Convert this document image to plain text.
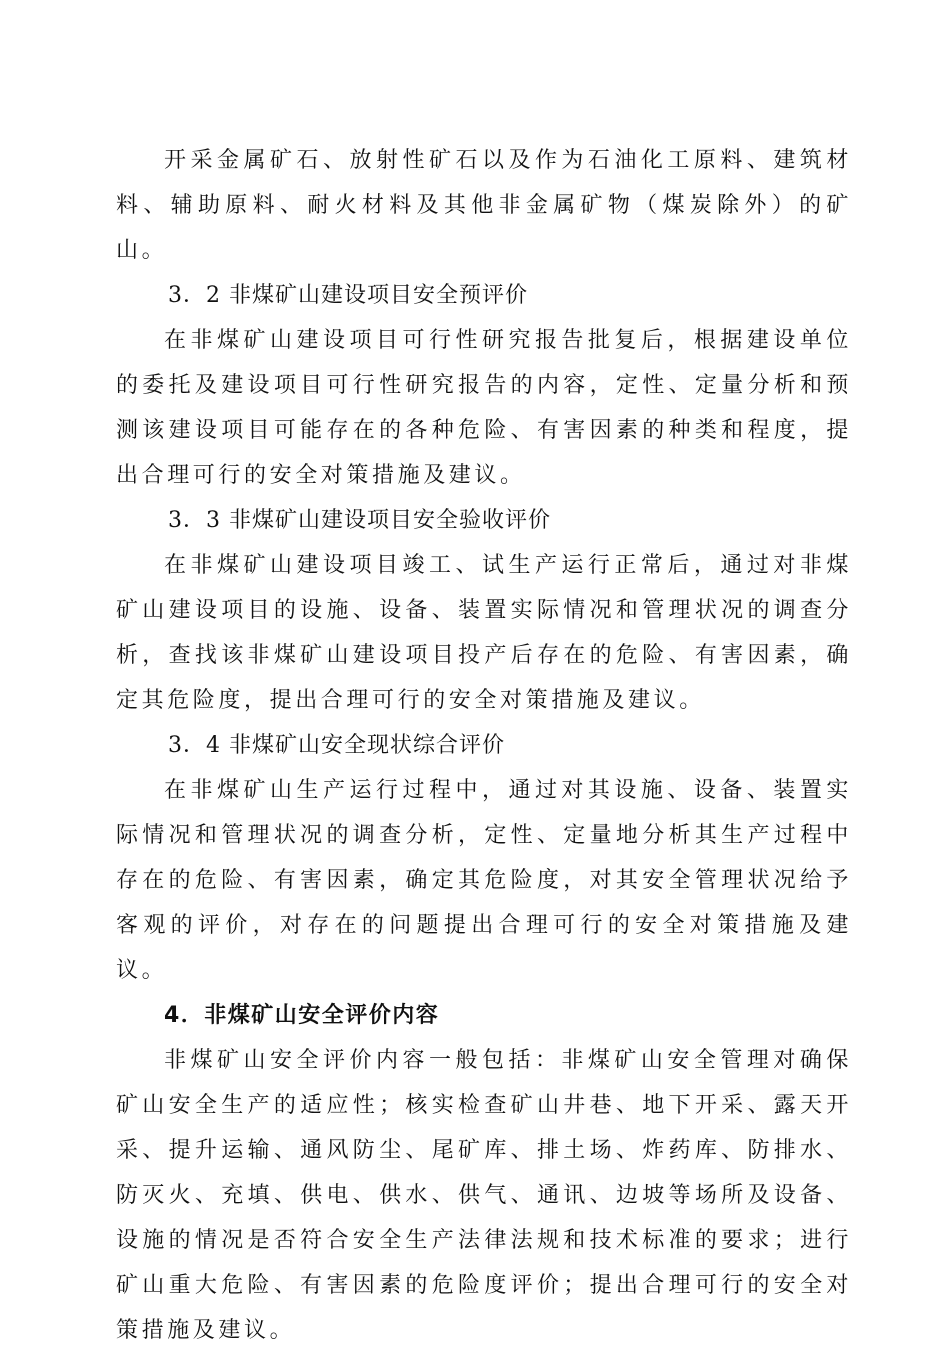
开采金属矿石、放射性矿石以及作为石油化工原料、建筑材料、辅助原料、耐火材料及其他非金属矿物（煤炭除外）的矿山。

3．2 非煤矿山建设项目安全预评价

在非煤矿山建设项目可行性研究报告批复后，根据建设单位的委托及建设项目可行性研究报告的内容，定性、定量分析和预测该建设项目可能存在的各种危险、有害因素的种类和程度，提出合理可行的安全对策措施及建议。

3．3 非煤矿山建设项目安全验收评价

在非煤矿山建设项目竣工、试生产运行正常后，通过对非煤矿山建设项目的设施、设备、装置实际情况和管理状况的调查分析，查找该非煤矿山建设项目投产后存在的危险、有害因素，确定其危险度，提出合理可行的安全对策措施及建议。

3．4 非煤矿山安全现状综合评价

在非煤矿山生产运行过程中，通过对其设施、设备、装置实际情况和管理状况的调查分析，定性、定量地分析其生产过程中存在的危险、有害因素，确定其危险度，对其安全管理状况给予客观的评价，对存在的问题提出合理可行的安全对策措施及建议。

4．非煤矿山安全评价内容

非煤矿山安全评价内容一般包括：非煤矿山安全管理对确保矿山安全生产的适应性；核实检查矿山井巷、地下开采、露天开采、提升运输、通风防尘、尾矿库、排土场、炸药库、防排水、防灭火、充填、供电、供水、供气、通讯、边坡等场所及设备、设施的情况是否符合安全生产法律法规和技术标准的要求；进行矿山重大危险、有害因素的危险度评价；提出合理可行的安全对策措施及建议。
